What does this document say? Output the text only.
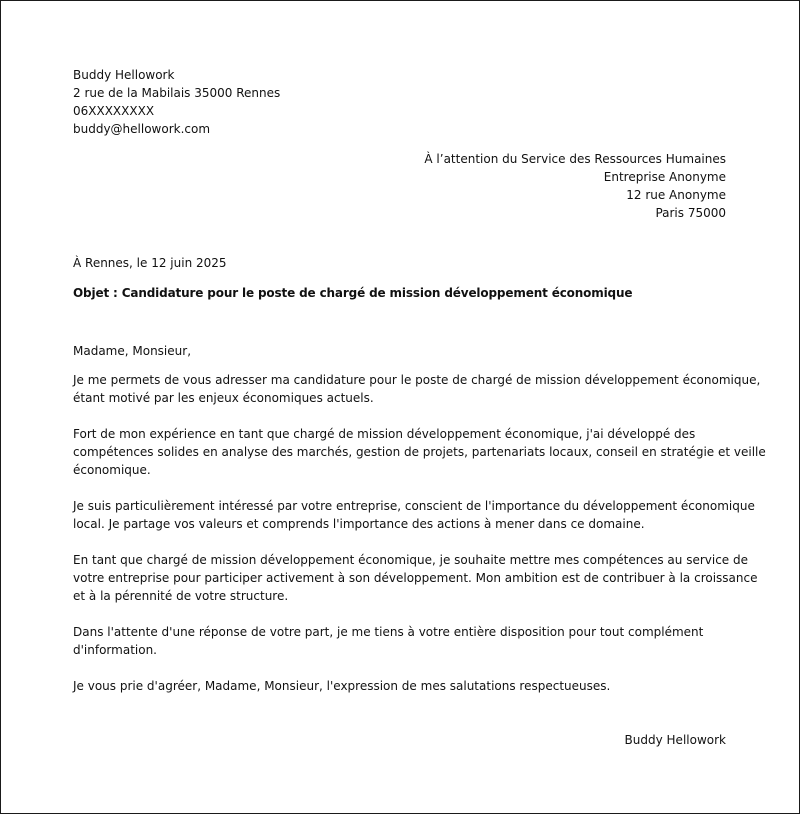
Buddy Hellowork
2 rue de la Mabilais 35000 Rennes
06XXXXXXXX
buddy@hellowork.com
À l’attention du Service des Ressources Humaines
Entreprise Anonyme
12 rue Anonyme
Paris 75000
À Rennes, le 12 juin 2025
Objet : Candidature pour le poste de chargé de mission développement économique

Madame, Monsieur,

Je me permets de vous adresser ma candidature pour le poste de chargé de mission développement économique,
étant motivé par les enjeux économiques actuels.

Fort de mon expérience en tant que chargé de mission développement économique, j'ai développé des
compétences solides en analyse des marchés, gestion de projets, partenariats locaux, conseil en stratégie et veille
économique.

Je suis particulièrement intéressé par votre entreprise, conscient de l'importance du développement économique
local. Je partage vos valeurs et comprends l'importance des actions à mener dans ce domaine.

En tant que chargé de mission développement économique, je souhaite mettre mes compétences au service de
votre entreprise pour participer activement à son développement. Mon ambition est de contribuer à la croissance
et à la pérennité de votre structure.

Dans l'attente d'une réponse de votre part, je me tiens à votre entière disposition pour tout complément
d'information.

Je vous prie d'agréer, Madame, Monsieur, l'expression de mes salutations respectueuses.

Buddy Hellowork
